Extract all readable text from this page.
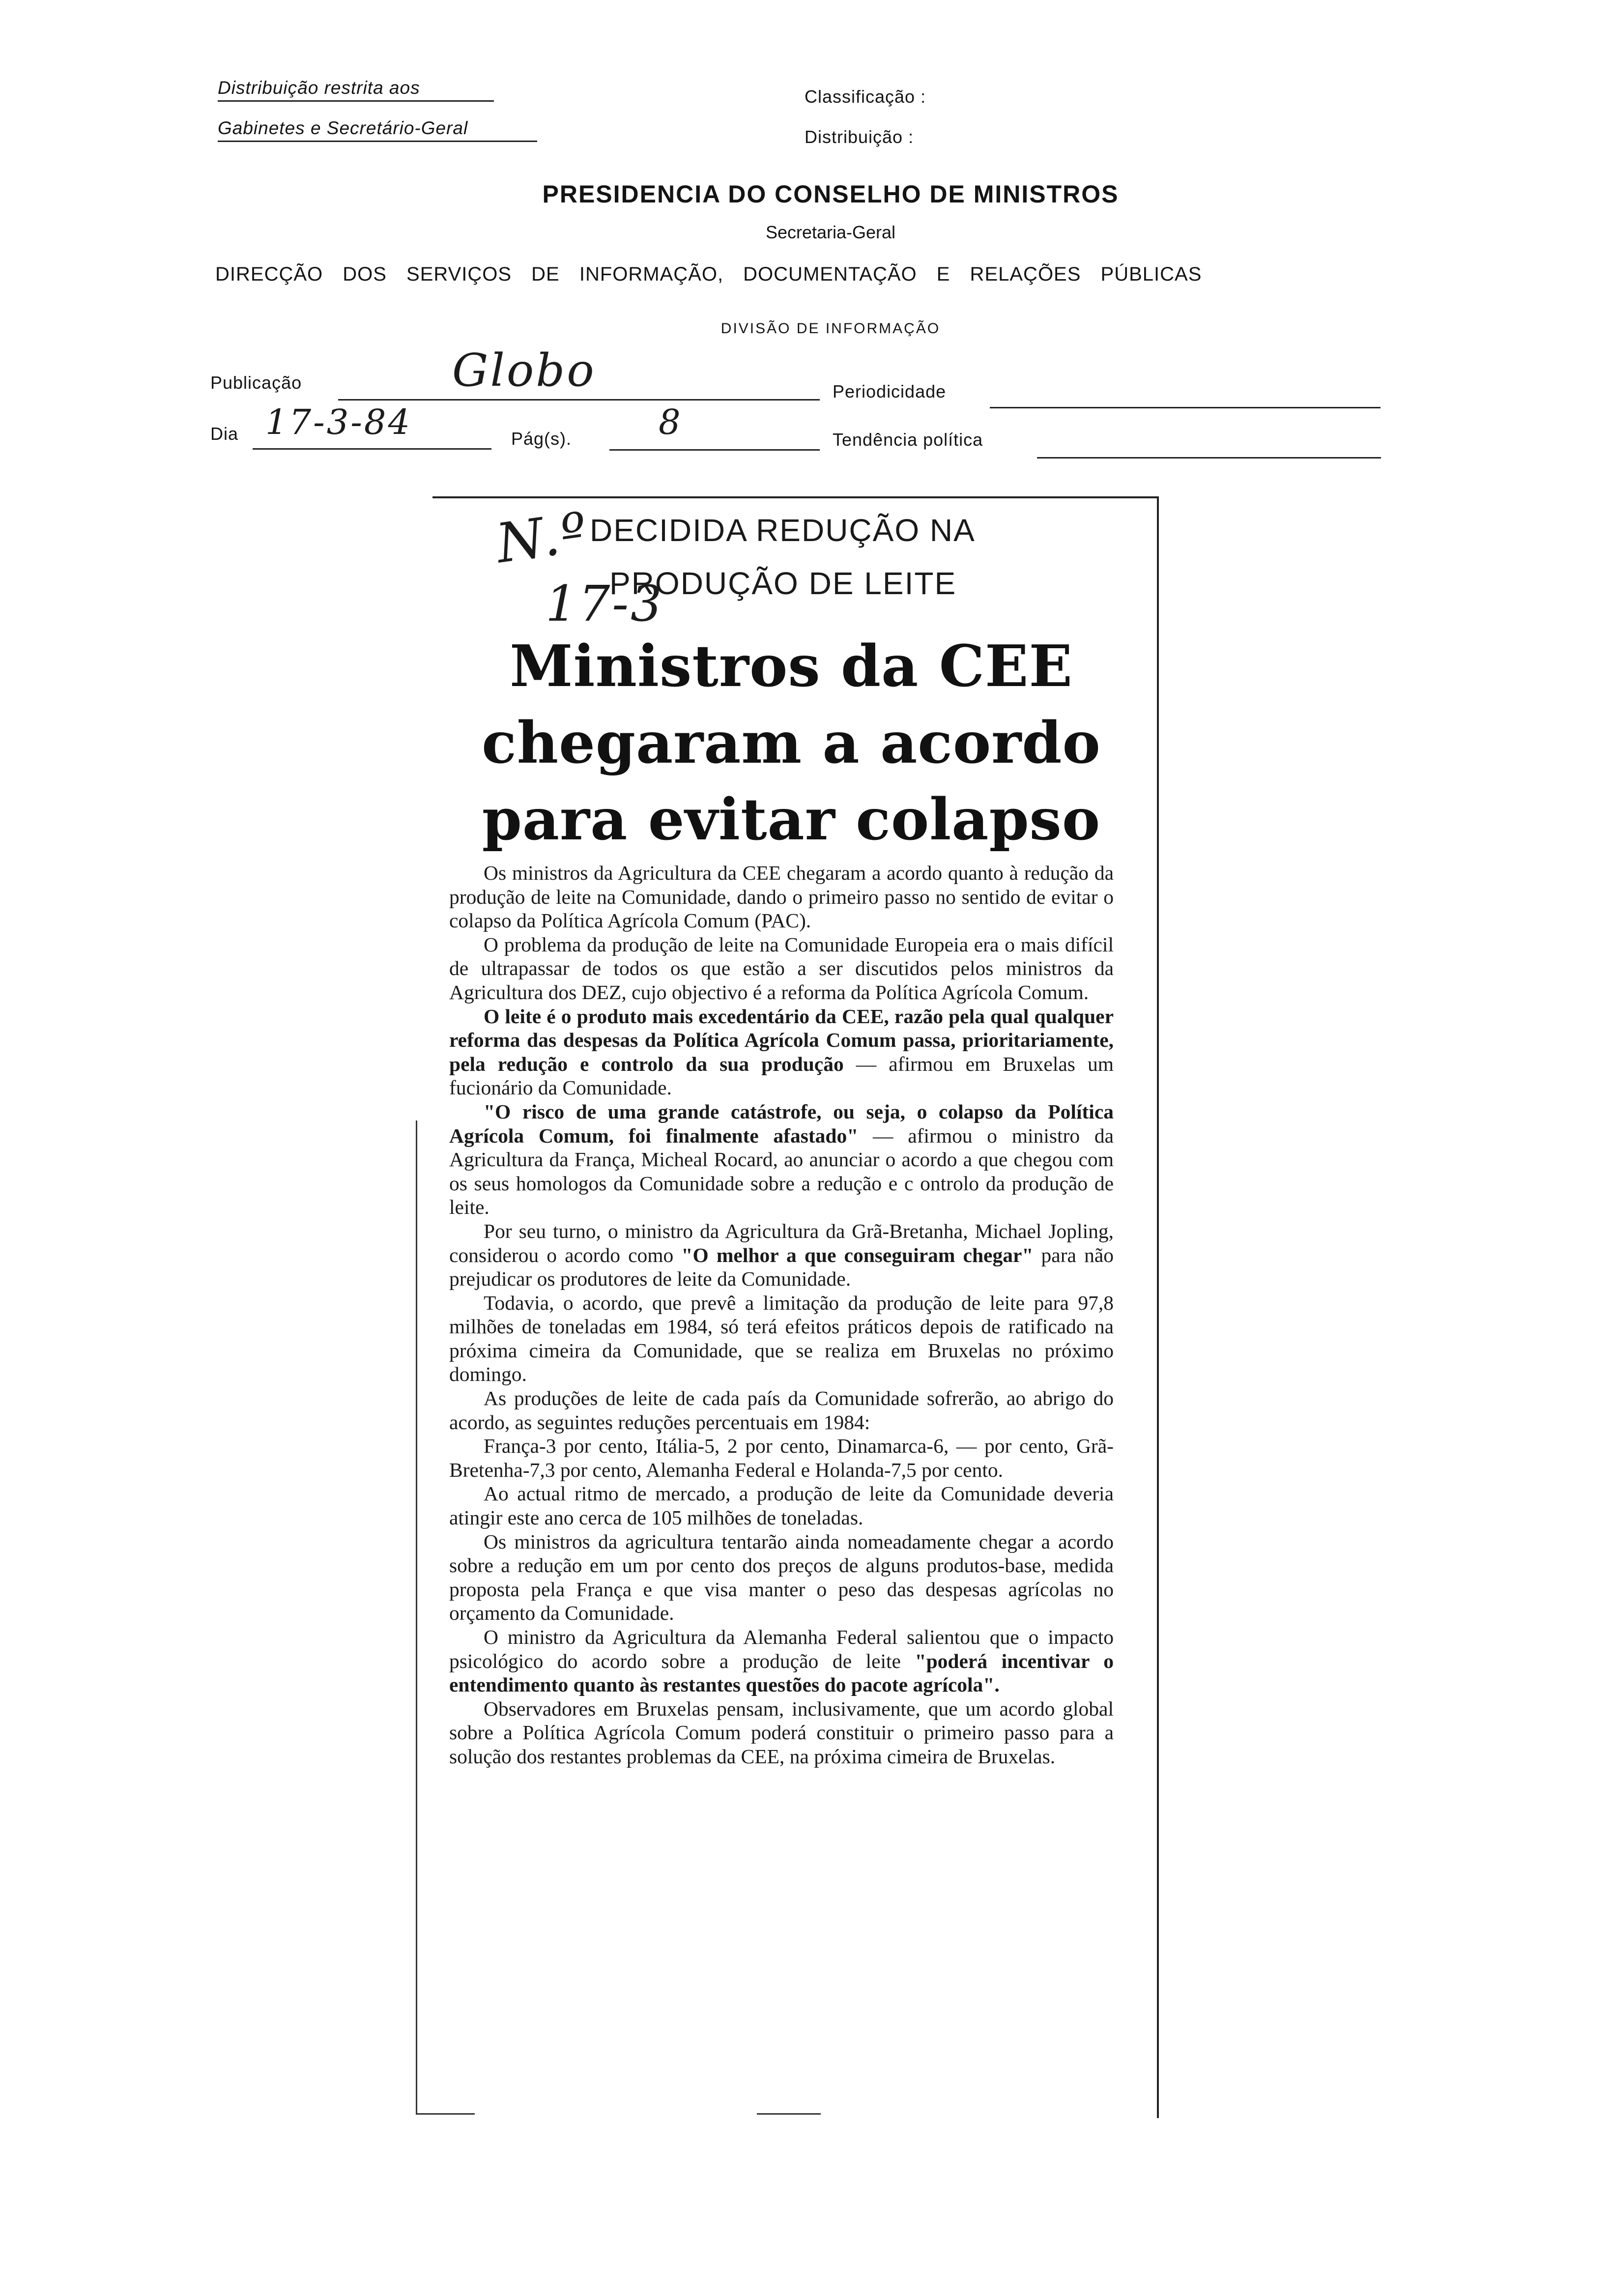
Distribuição restrita aos
Gabinetes e Secretário-Geral
Classificação :
Distribuição :
PRESIDENCIA DO CONSELHO DE MINISTROS
Secretaria-Geral
DIRECÇÃO DOS SERVIÇOS DE INFORMAÇÃO, DOCUMENTAÇÃO E RELAÇÕES PÚBLICAS
DIVISÃO DE INFORMAÇÃO
Publicação	Globo	Periodicidade
Dia 17-3-84	Pág(s).	8	Tendência política
N.º
17-3
DECIDIDA REDUÇÃO NA
PRODUÇÃO DE LEITE
Ministros da CEE
chegaram a acordo
para evitar colapso

Os ministros da Agricultura da CEE chegaram a acordo quanto à redução da produção de leite na Comunidade, dando o primeiro passo no sentido de evitar o colapso da Política Agrícola Comum (PAC).

O problema da produção de leite na Comunidade Europeia era o mais difícil de ultrapassar de todos os que estão a ser discutidos pelos ministros da Agricultura dos DEZ, cujo objectivo é a reforma da Política Agrícola Comum.

O leite é o produto mais excedentário da CEE, razão pela qual qualquer reforma das despesas da Política Agrícola Comum passa, prioritariamente, pela redução e controlo da sua produção — afirmou em Bruxelas um fucionário da Comunidade.

"O risco de uma grande catástrofe, ou seja, o colapso da Política Agrícola Comum, foi finalmente afastado" — afirmou o ministro da Agricultura da França, Micheal Rocard, ao anunciar o acordo a que chegou com os seus homologos da Comunidade sobre a redução e c ontrolo da produção de leite.

Por seu turno, o ministro da Agricultura da Grã-Bretanha, Michael Jopling, considerou o acordo como "O melhor a que conseguiram chegar" para não prejudicar os produtores de leite da Comunidade.

Todavia, o acordo, que prevê a limitação da produção de leite para 97,8 milhões de toneladas em 1984, só terá efeitos práticos depois de ratificado na próxima cimeira da Comunidade, que se realiza em Bruxelas no próximo domingo.

As produções de leite de cada país da Comunidade sofrerão, ao abrigo do acordo, as seguintes reduções percentuais em 1984:

França-3 por cento, Itália-5, 2 por cento, Dinamarca-6, — por cento, Grã-Bretenha-7,3 por cento, Alemanha Federal e Holanda-7,5 por cento.

Ao actual ritmo de mercado, a produção de leite da Comunidade deveria atingir este ano cerca de 105 milhões de toneladas.

Os ministros da agricultura tentarão ainda nomeadamente chegar a acordo sobre a redução em um por cento dos preços de alguns produtos-base, medida proposta pela França e que visa manter o peso das despesas agrícolas no orçamento da Comunidade.

O ministro da Agricultura da Alemanha Federal salientou que o impacto psicológico do acordo sobre a produção de leite "poderá incentivar o entendimento quanto às restantes questões do pacote agrícola".

Observadores em Bruxelas pensam, inclusivamente, que um acordo global sobre a Política Agrícola Comum poderá constituir o primeiro passo para a solução dos restantes problemas da CEE, na próxima cimeira de Bruxelas.
